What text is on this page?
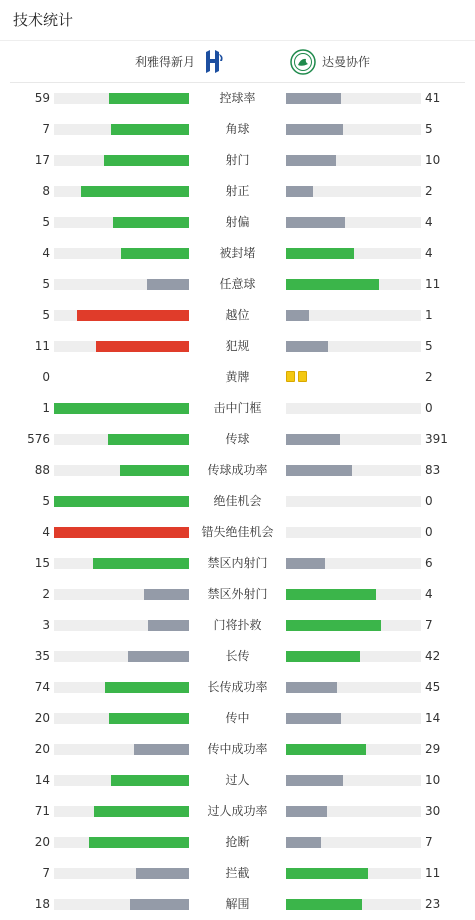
技术统计
利雅得新月	达曼协作
59	控球率	41
7	角球	5
17	射门	10
8	射正	2
5	射偏	4
4	被封堵	4
5	任意球	11
5	越位	1
11	犯规	5
0	黄牌	2
1	击中门框	0
576	传球	391
88	传球成功率	83
5	绝佳机会	0
4	错失绝佳机会	0
15	禁区内射门	6
2	禁区外射门	4
3	门将扑救	7
35	长传	42
74	长传成功率	45
20	传中	14
20	传中成功率	29
14	过人	10
71	过人成功率	30
20	抢断	7
7	拦截	11
18	解围	23
